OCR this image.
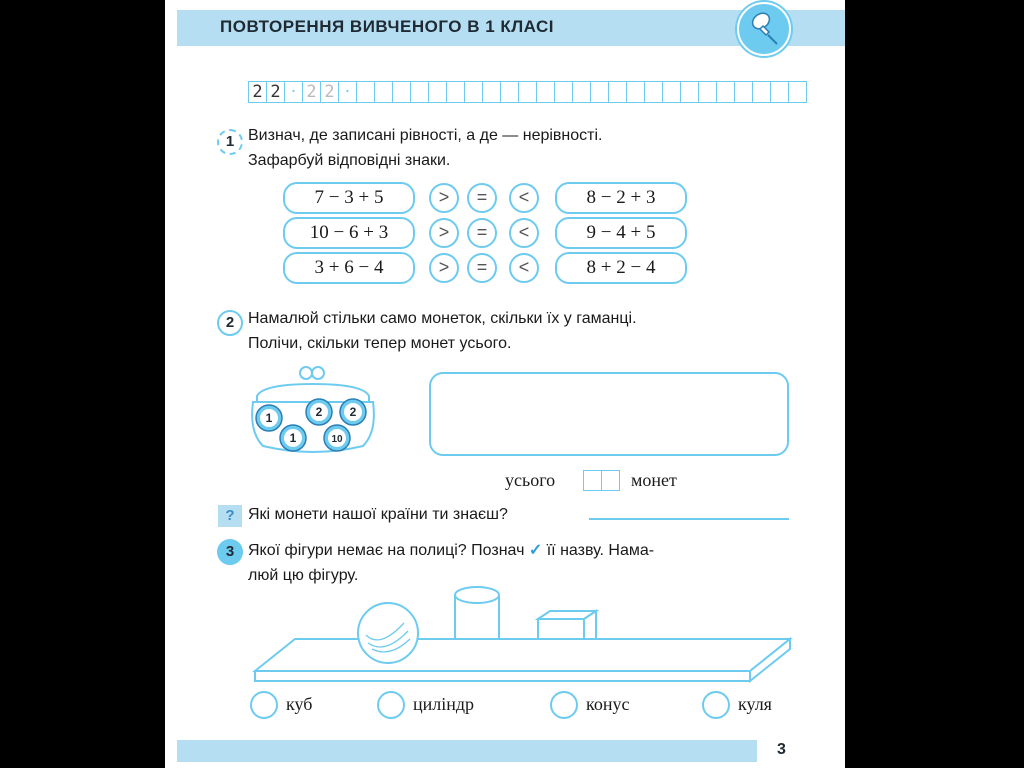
ПОВТОРЕННЯ ВИВЧЕНОГО В 1 КЛАСІ
2 2 · 2 2 ·
1 Визнач, де записані рівності, а де — нерівності.
Зафарбуй відповідні знаки.
7 − 3 + 5	>	=	<	8 − 2 + 3
10 − 6 + 3	>	=	<	9 − 4 + 5
3 + 6 − 4	>	=	<	8 + 2 − 4
2 Намалюй стільки само монеток, скільки їх у гаманці.
Полічи, скільки тепер монет усього.
1	2 2
1	10
усього	монет
? Які монети нашої країни ти знаєш?
3 Якої фігури немає на полиці? Познач ✓ її назву. Нама-
люй цю фігуру.
куб	циліндр	конус	куля
3
